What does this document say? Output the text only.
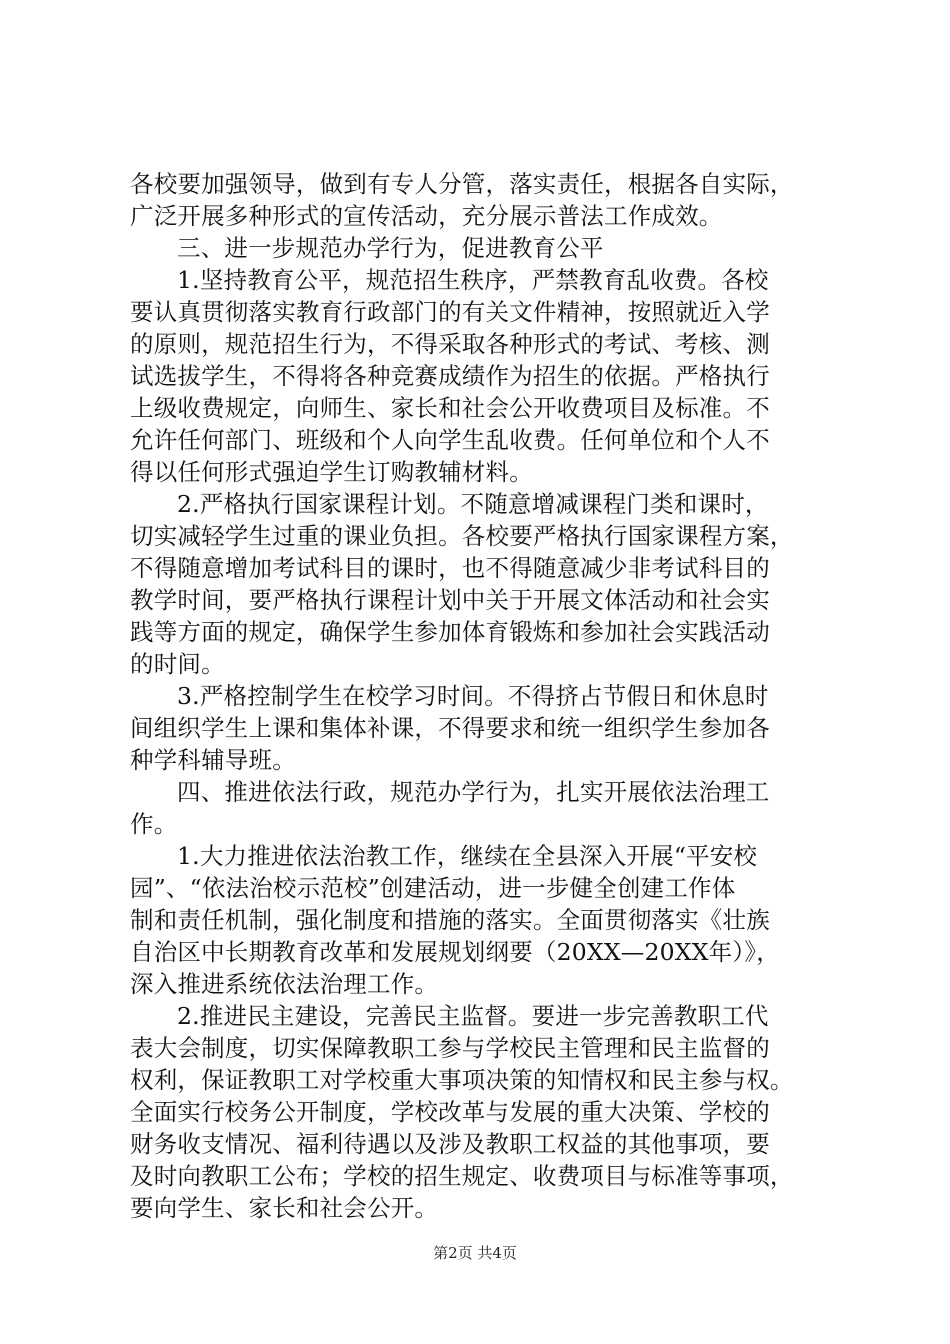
各校要加强领导，做到有专人分管，落实责任，根据各自实际，
广泛开展多种形式的宣传活动，充分展示普法工作成效。
三、进一步规范办学行为，促进教育公平
1.坚持教育公平，规范招生秩序，严禁教育乱收费。各校
要认真贯彻落实教育行政部门的有关文件精神，按照就近入学
的原则，规范招生行为，不得采取各种形式的考试、考核、测
试选拔学生，不得将各种竞赛成绩作为招生的依据。严格执行
上级收费规定，向师生、家长和社会公开收费项目及标准。不
允许任何部门、班级和个人向学生乱收费。任何单位和个人不
得以任何形式强迫学生订购教辅材料。
2.严格执行国家课程计划。不随意增减课程门类和课时，
切实减轻学生过重的课业负担。各校要严格执行国家课程方案，
不得随意增加考试科目的课时，也不得随意减少非考试科目的
教学时间，要严格执行课程计划中关于开展文体活动和社会实
践等方面的规定，确保学生参加体育锻炼和参加社会实践活动
的时间。
3.严格控制学生在校学习时间。不得挤占节假日和休息时
间组织学生上课和集体补课，不得要求和统一组织学生参加各
种学科辅导班。
四、推进依法行政，规范办学行为，扎实开展依法治理工
作。
1.大力推进依法治教工作，继续在全县深入开展“平安校
园”、“依法治校示范校”创建活动，进一步健全创建工作体
制和责任机制，强化制度和措施的落实。全面贯彻落实《壮族
自治区中长期教育改革和发展规划纲要（20XX—20XX年）》，
深入推进系统依法治理工作。
2.推进民主建设，完善民主监督。要进一步完善教职工代
表大会制度，切实保障教职工参与学校民主管理和民主监督的
权利，保证教职工对学校重大事项决策的知情权和民主参与权。
全面实行校务公开制度，学校改革与发展的重大决策、学校的
财务收支情况、福利待遇以及涉及教职工权益的其他事项，要
及时向教职工公布；学校的招生规定、收费项目与标准等事项，
要向学生、家长和社会公开。
第2页 共4页
